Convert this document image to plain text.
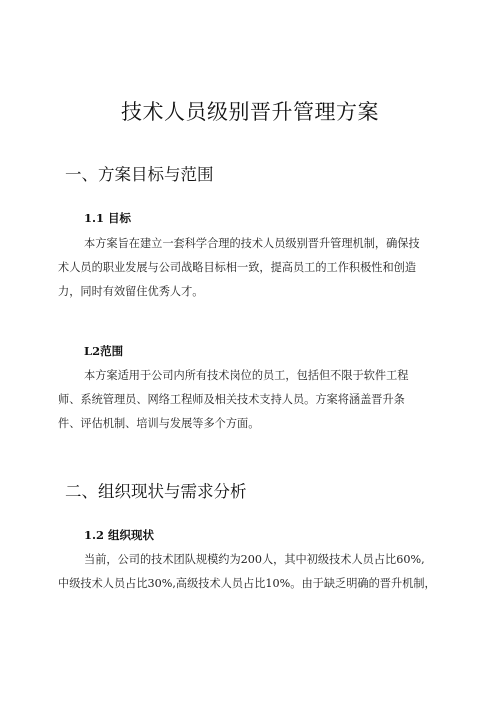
技术人员级别晋升管理方案
一、方案目标与范围
1.1 目标
本方案旨在建立一套科学合理的技术人员级别晋升管理机制，确保技
术人员的职业发展与公司战略目标相一致，提高员工的工作积极性和创造
力，同时有效留住优秀人才。
L2范围
本方案适用于公司内所有技术岗位的员工，包括但不限于软件工程
师、系统管理员、网络工程师及相关技术支持人员。方案将涵盖晋升条
件、评估机制、培训与发展等多个方面。
二、组织现状与需求分析
1.2 组织现状
当前，公司的技术团队规模约为200人，其中初级技术人员占比60%,
中级技术人员占比30%,高级技术人员占比10%。由于缺乏明确的晋升机制，
